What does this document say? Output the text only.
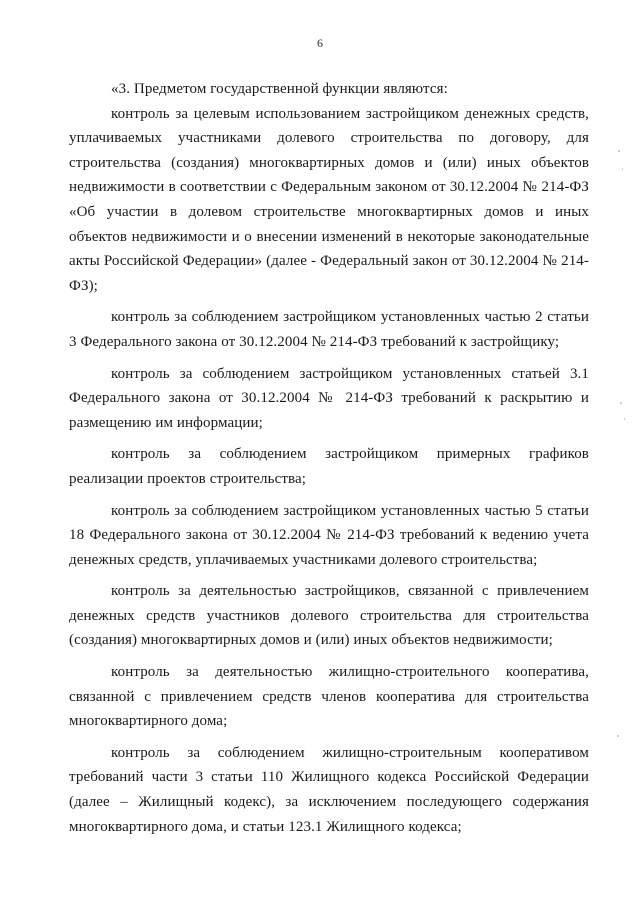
6

«3. Предметом государственной функции являются:

контроль за целевым использованием застройщиком денежных средств, уплачиваемых участниками долевого строительства по договору, для строительства (создания) многоквартирных домов и (или) иных объектов недвижимости в соответствии с Федеральным законом от 30.12.2004 № 214-ФЗ «Об участии в долевом строительстве многоквартирных домов и иных объектов недвижимости и о внесении изменений в некоторые законодательные акты Российской Федерации» (далее - Федеральный закон от 30.12.2004 № 214-ФЗ);

контроль за соблюдением застройщиком установленных частью 2 статьи 3 Федерального закона от 30.12.2004 № 214-ФЗ требований к застройщику;

контроль за соблюдением застройщиком установленных статьей 3.1 Федерального закона от 30.12.2004 № 214-ФЗ требований к раскрытию и размещению им информации;

контроль за соблюдением застройщиком примерных графиков реализации проектов строительства;

контроль за соблюдением застройщиком установленных частью 5 статьи 18 Федерального закона от 30.12.2004 № 214-ФЗ требований к ведению учета денежных средств, уплачиваемых участниками долевого строительства;

контроль за деятельностью застройщиков, связанной с привлечением денежных средств участников долевого строительства для строительства (создания) многоквартирных домов и (или) иных объектов недвижимости;

контроль за деятельностью жилищно-строительного кооператива, связанной с привлечением средств членов кооператива для строительства многоквартирного дома;

контроль за соблюдением жилищно-строительным кооперативом требований части 3 статьи 110 Жилищного кодекса Российской Федерации (далее – Жилищный кодекс), за исключением последующего содержания многоквартирного дома, и статьи 123.1 Жилищного кодекса;
